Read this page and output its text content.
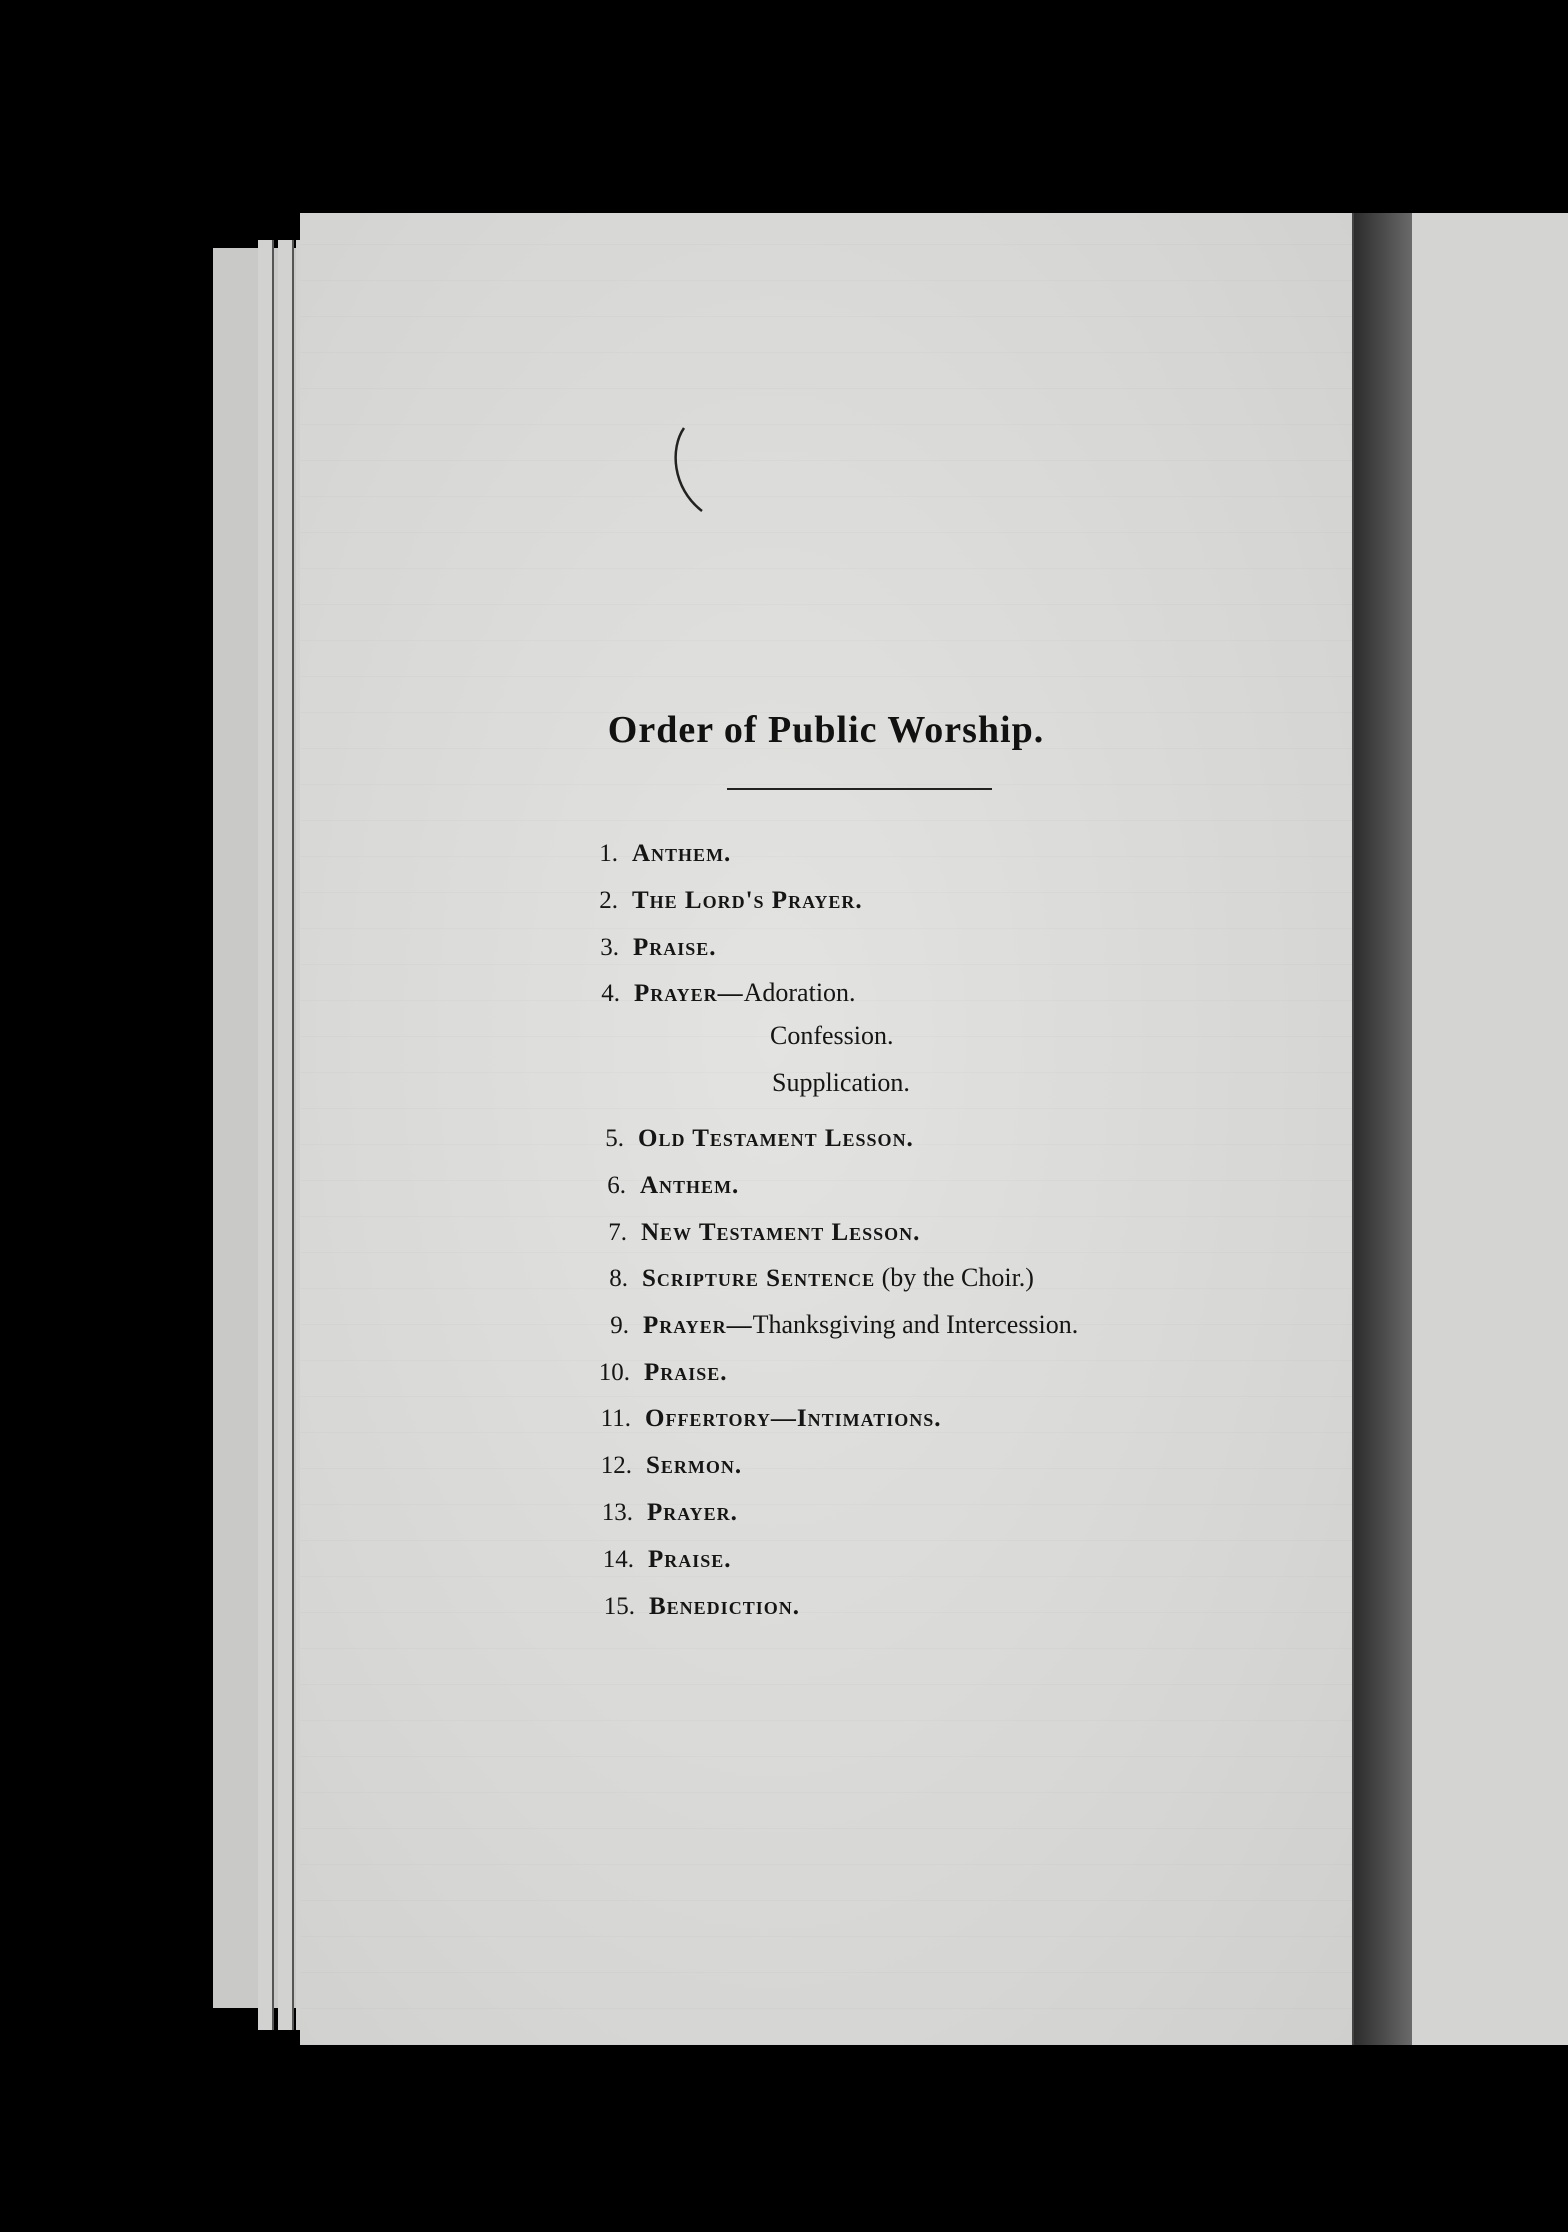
Order of Public Worship.
1. Anthem.
2. The Lord's Prayer.
3. Praise.
4. Prayer—Adoration.
Confession.
Supplication.
5. Old Testament Lesson.
6. Anthem.
7. New Testament Lesson.
8. Scripture Sentence (by the Choir.)
9. Prayer—Thanksgiving and Intercession.
10. Praise.
11. Offertory—Intimations.
12. Sermon.
13. Prayer.
14. Praise.
15. Benediction.
